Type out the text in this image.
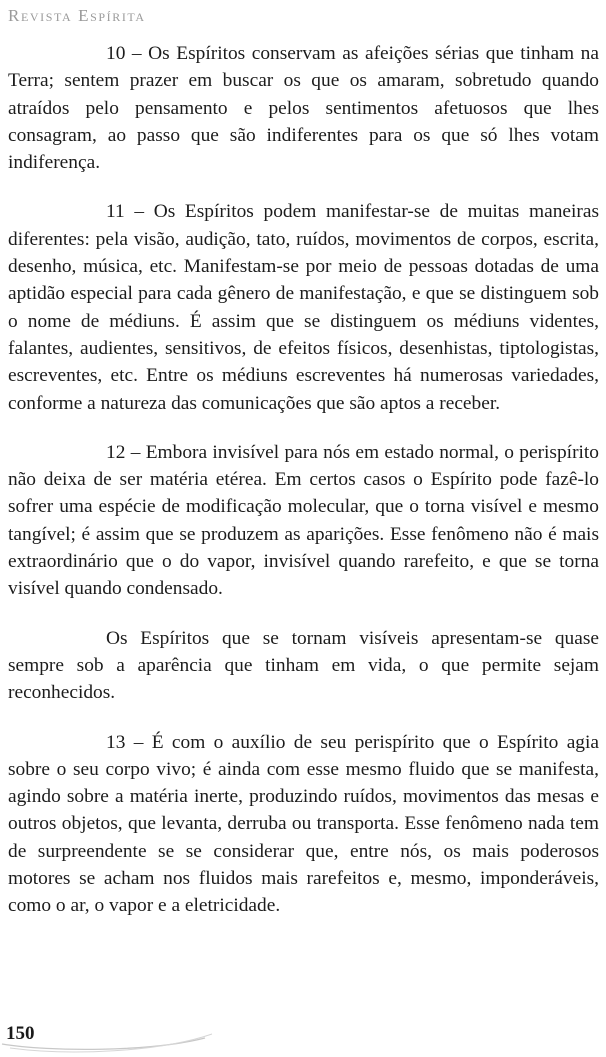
Revista Espírita

10 – Os Espíritos conservam as afeições sérias que tinham na Terra; sentem prazer em buscar os que os amaram, sobretudo quando atraídos pelo pensamento e pelos sentimentos afetuosos que lhes consagram, ao passo que são indiferentes para os que só lhes votam indiferença.

11 – Os Espíritos podem manifestar-se de muitas maneiras diferentes: pela visão, audição, tato, ruídos, movimentos de corpos, escrita, desenho, música, etc. Manifestam-se por meio de pessoas dotadas de uma aptidão especial para cada gênero de manifestação, e que se distinguem sob o nome de médiuns. É assim que se distinguem os médiuns videntes, falantes, audientes, sensitivos, de efeitos físicos, desenhistas, tiptologistas, escreventes, etc. Entre os médiuns escreventes há numerosas variedades, conforme a natureza das comunicações que são aptos a receber.

12 – Embora invisível para nós em estado normal, o perispírito não deixa de ser matéria etérea. Em certos casos o Espírito pode fazê-lo sofrer uma espécie de modificação molecular, que o torna visível e mesmo tangível; é assim que se produzem as aparições. Esse fenômeno não é mais extraordinário que o do vapor, invisível quando rarefeito, e que se torna visível quando condensado.

Os Espíritos que se tornam visíveis apresentam-se quase sempre sob a aparência que tinham em vida, o que permite sejam reconhecidos.

13 – É com o auxílio de seu perispírito que o Espírito agia sobre o seu corpo vivo; é ainda com esse mesmo fluido que se manifesta, agindo sobre a matéria inerte, produzindo ruídos, movimentos das mesas e outros objetos, que levanta, derruba ou transporta. Esse fenômeno nada tem de surpreendente se se considerar que, entre nós, os mais poderosos motores se acham nos fluidos mais rarefeitos e, mesmo, imponderáveis, como o ar, o vapor e a eletricidade.

150
